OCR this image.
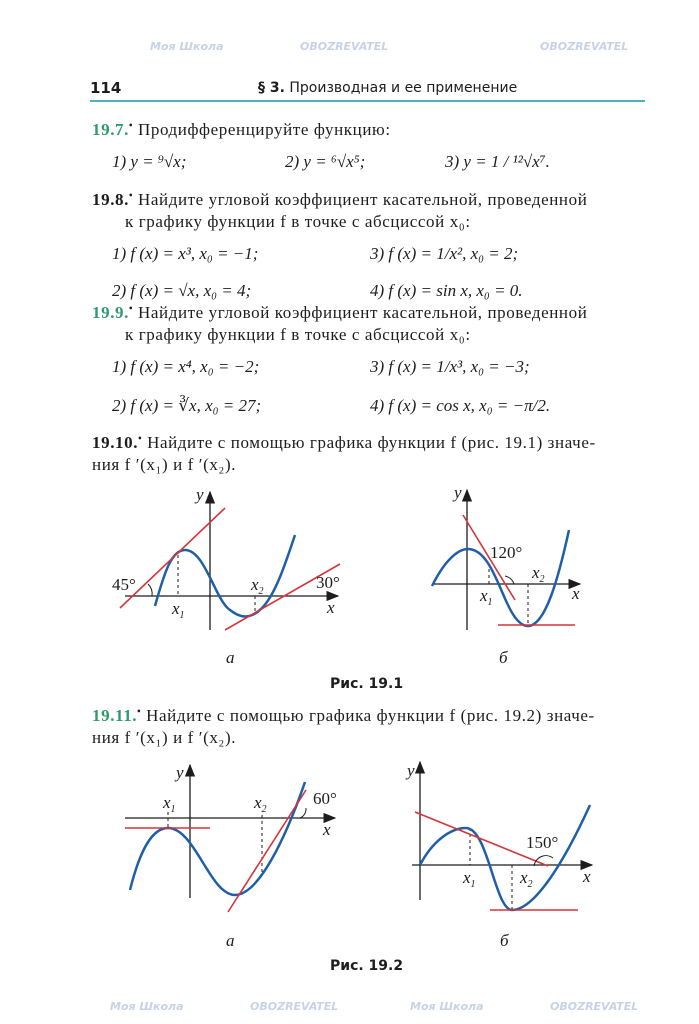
Моя Школа	OBOZREVATEL	OBOZREVATEL
Моя Школа	OBOZREVATEL	Моя Школа	OBOZREVATEL
114	§ 3. Производная и ее применение
19.7.• Продифференцируйте функцию:
1) y = ⁹√x;	2) y = ⁶√x⁵;	3) y = 1 / ¹²√x⁷.
19.8.• Найдите угловой коэффициент касательной, проведенной
к графику функции f в точке с абсциссой x₀:
1) f (x) = x³, x₀ = −1;	3) f (x) = 1/x², x₀ = 2;
2) f (x) = √x, x₀ = 4;	4) f (x) = sin x, x₀ = 0.
19.9.• Найдите угловой коэффициент касательной, проведенной
к графику функции f в точке с абсциссой x₀:
1) f (x) = x⁴, x₀ = −2;	3) f (x) = 1/x³, x₀ = −3;
2) f (x) = ∛x, x₀ = 27;	4) f (x) = cos x, x₀ = −π/2.
19.10.• Найдите с помощью графика функции f (рис. 19.1) значе-
ния f ′(x₁) и f ′(x₂).
45°	30°
y
x
$x_1$
$x_2$
а
120°
y
x
$x_1$
$x_2$
б
Рис. 19.1
19.11.• Найдите с помощью графика функции f (рис. 19.2) значе-
ния f ′(x₁) и f ′(x₂).
60°
y
x
$x_1$	$x_2$
а
150°
y
x
$x_1$	$x_2$
б
Рис. 19.2
